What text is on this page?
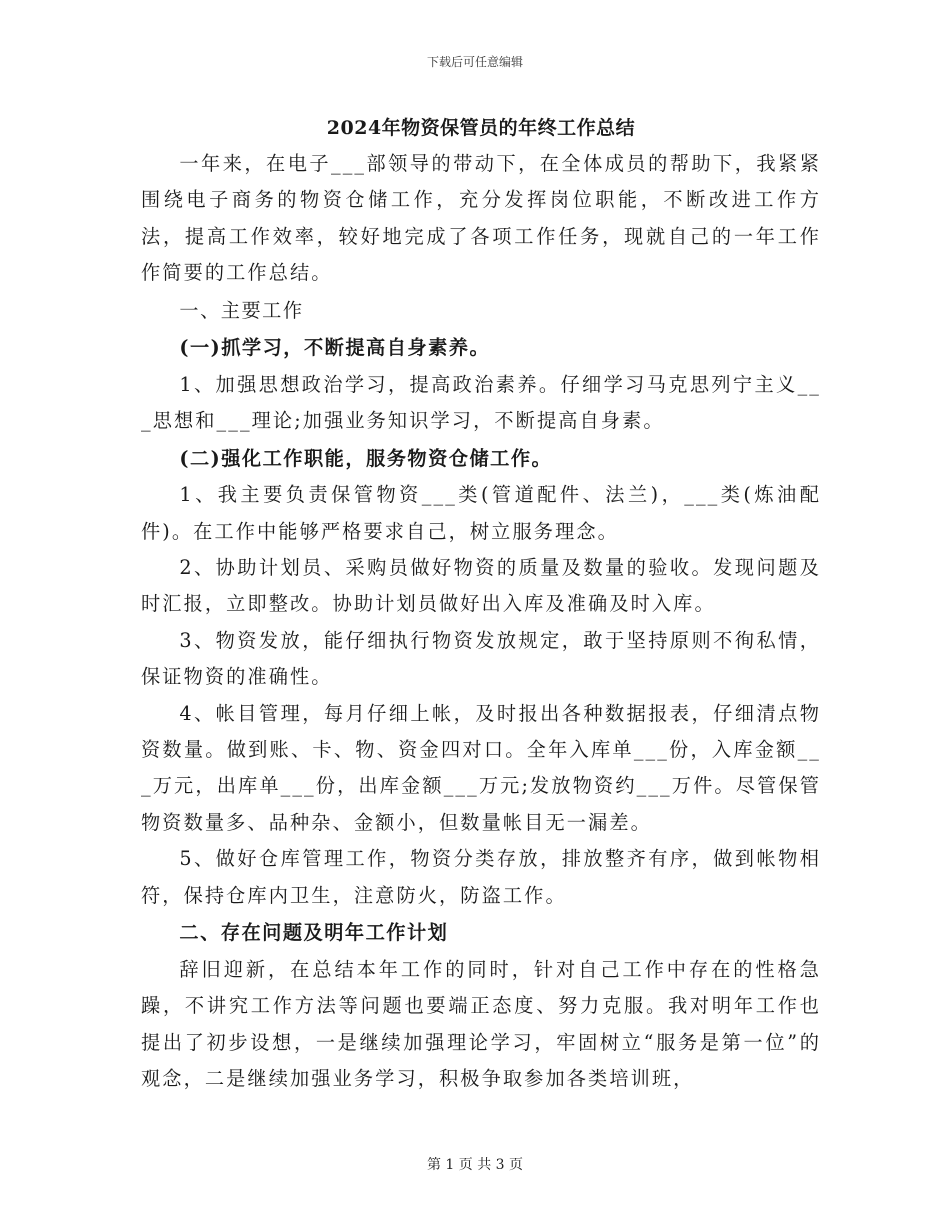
下载后可任意编辑
2024年物资保管员的年终工作总结

一年来，在电子___部领导的带动下，在全体成员的帮助下，我紧紧围绕电子商务的物资仓储工作，充分发挥岗位职能，不断改进工作方法，提高工作效率，较好地完成了各项工作任务，现就自己的一年工作作简要的工作总结。

一、主要工作
(一)抓学习，不断提高自身素养。

1、加强思想政治学习，提高政治素养。仔细学习马克思列宁主义___思想和___理论;加强业务知识学习，不断提高自身素。

(二)强化工作职能，服务物资仓储工作。

1、我主要负责保管物资___类(管道配件、法兰)，___类(炼油配件)。在工作中能够严格要求自己，树立服务理念。

2、协助计划员、采购员做好物资的质量及数量的验收。发现问题及时汇报，立即整改。协助计划员做好出入库及准确及时入库。

3、物资发放，能仔细执行物资发放规定，敢于坚持原则不徇私情，保证物资的准确性。

4、帐目管理，每月仔细上帐，及时报出各种数据报表，仔细清点物资数量。做到账、卡、物、资金四对口。全年入库单___份，入库金额___万元，出库单___份，出库金额___万元;发放物资约___万件。尽管保管物资数量多、品种杂、金额小，但数量帐目无一漏差。

5、做好仓库管理工作，物资分类存放，排放整齐有序，做到帐物相符，保持仓库内卫生，注意防火，防盗工作。

二、存在问题及明年工作计划

辞旧迎新，在总结本年工作的同时，针对自己工作中存在的性格急躁，不讲究工作方法等问题也要端正态度、努力克服。我对明年工作也提出了初步设想，一是继续加强理论学习，牢固树立“服务是第一位”的观念，二是继续加强业务学习，积极争取参加各类培训班，

第 1 页 共 3 页
